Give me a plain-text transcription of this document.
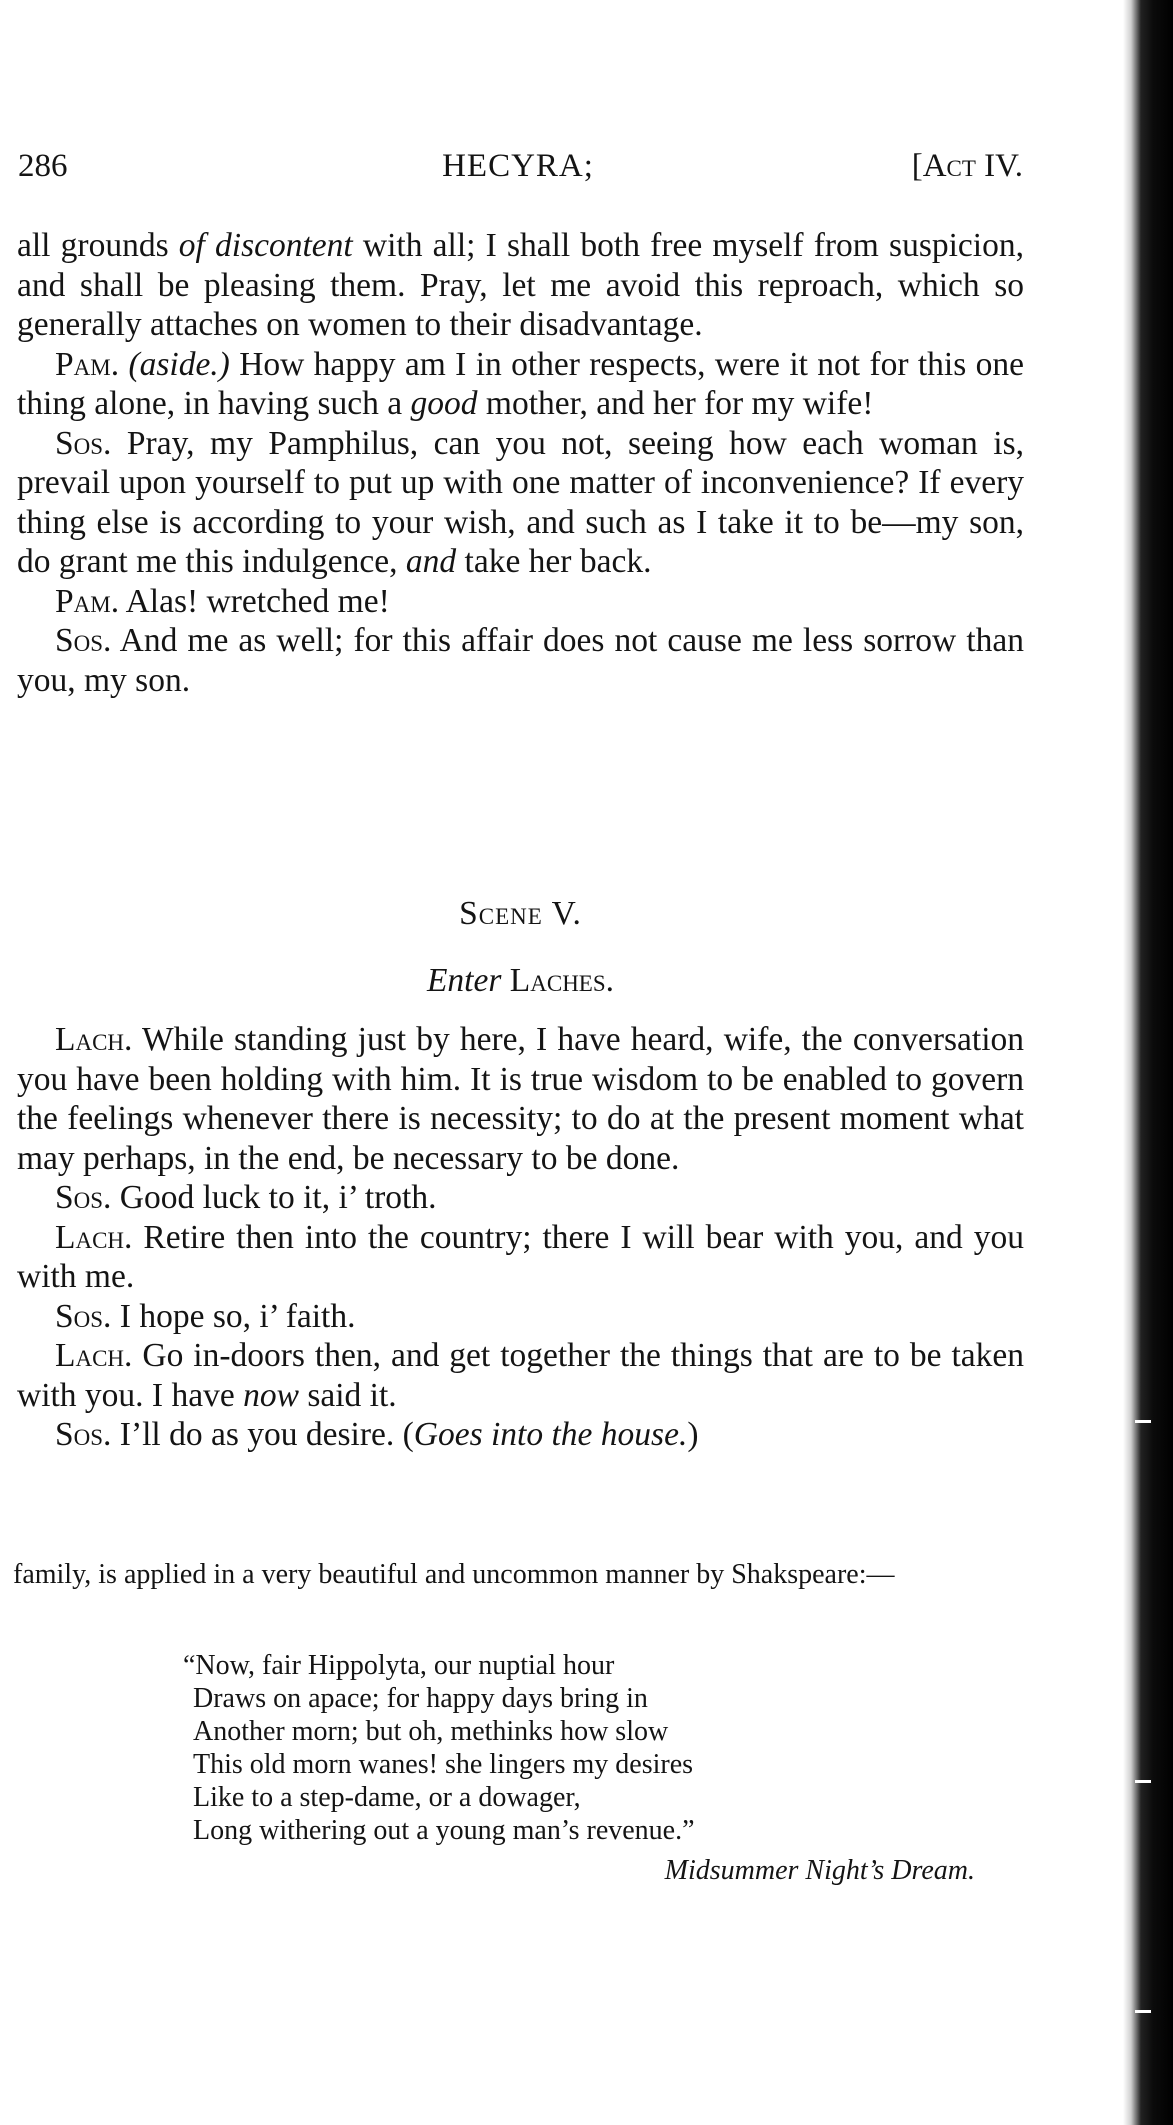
286	HECYRA;	[Act IV.

all grounds of discontent with all; I shall both free myself from suspicion, and shall be pleasing them. Pray, let me avoid this reproach, which so generally attaches on women to their disadvantage.

Pam. (aside.) How happy am I in other respects, were it not for this one thing alone, in having such a good mother, and her for my wife!

Sos. Pray, my Pamphilus, can you not, seeing how each woman is, prevail upon yourself to put up with one matter of inconvenience? If every thing else is according to your wish, and such as I take it to be—my son, do grant me this indulgence, and take her back.

Pam. Alas! wretched me!

Sos. And me as well; for this affair does not cause me less sorrow than you, my son.

Scene V.

Enter Laches.

Lach. While standing just by here, I have heard, wife, the conversation you have been holding with him. It is true wisdom to be enabled to govern the feelings whenever there is necessity; to do at the present moment what may perhaps, in the end, be necessary to be done.

Sos. Good luck to it, i’ troth.

Lach. Retire then into the country; there I will bear with you, and you with me.

Sos. I hope so, i’ faith.

Lach. Go in-doors then, and get together the things that are to be taken with you. I have now said it.

Sos. I’ll do as you desire. (Goes into the house.)

family, is applied in a very beautiful and uncommon manner by Shakspeare:—

“Now, fair Hippolyta, our nuptial hour

Draws on apace; for happy days bring in

Another morn; but oh, methinks how slow

This old morn wanes! she lingers my desires

Like to a step-dame, or a dowager,

Long withering out a young man’s revenue.”

Midsummer Night’s Dream.
